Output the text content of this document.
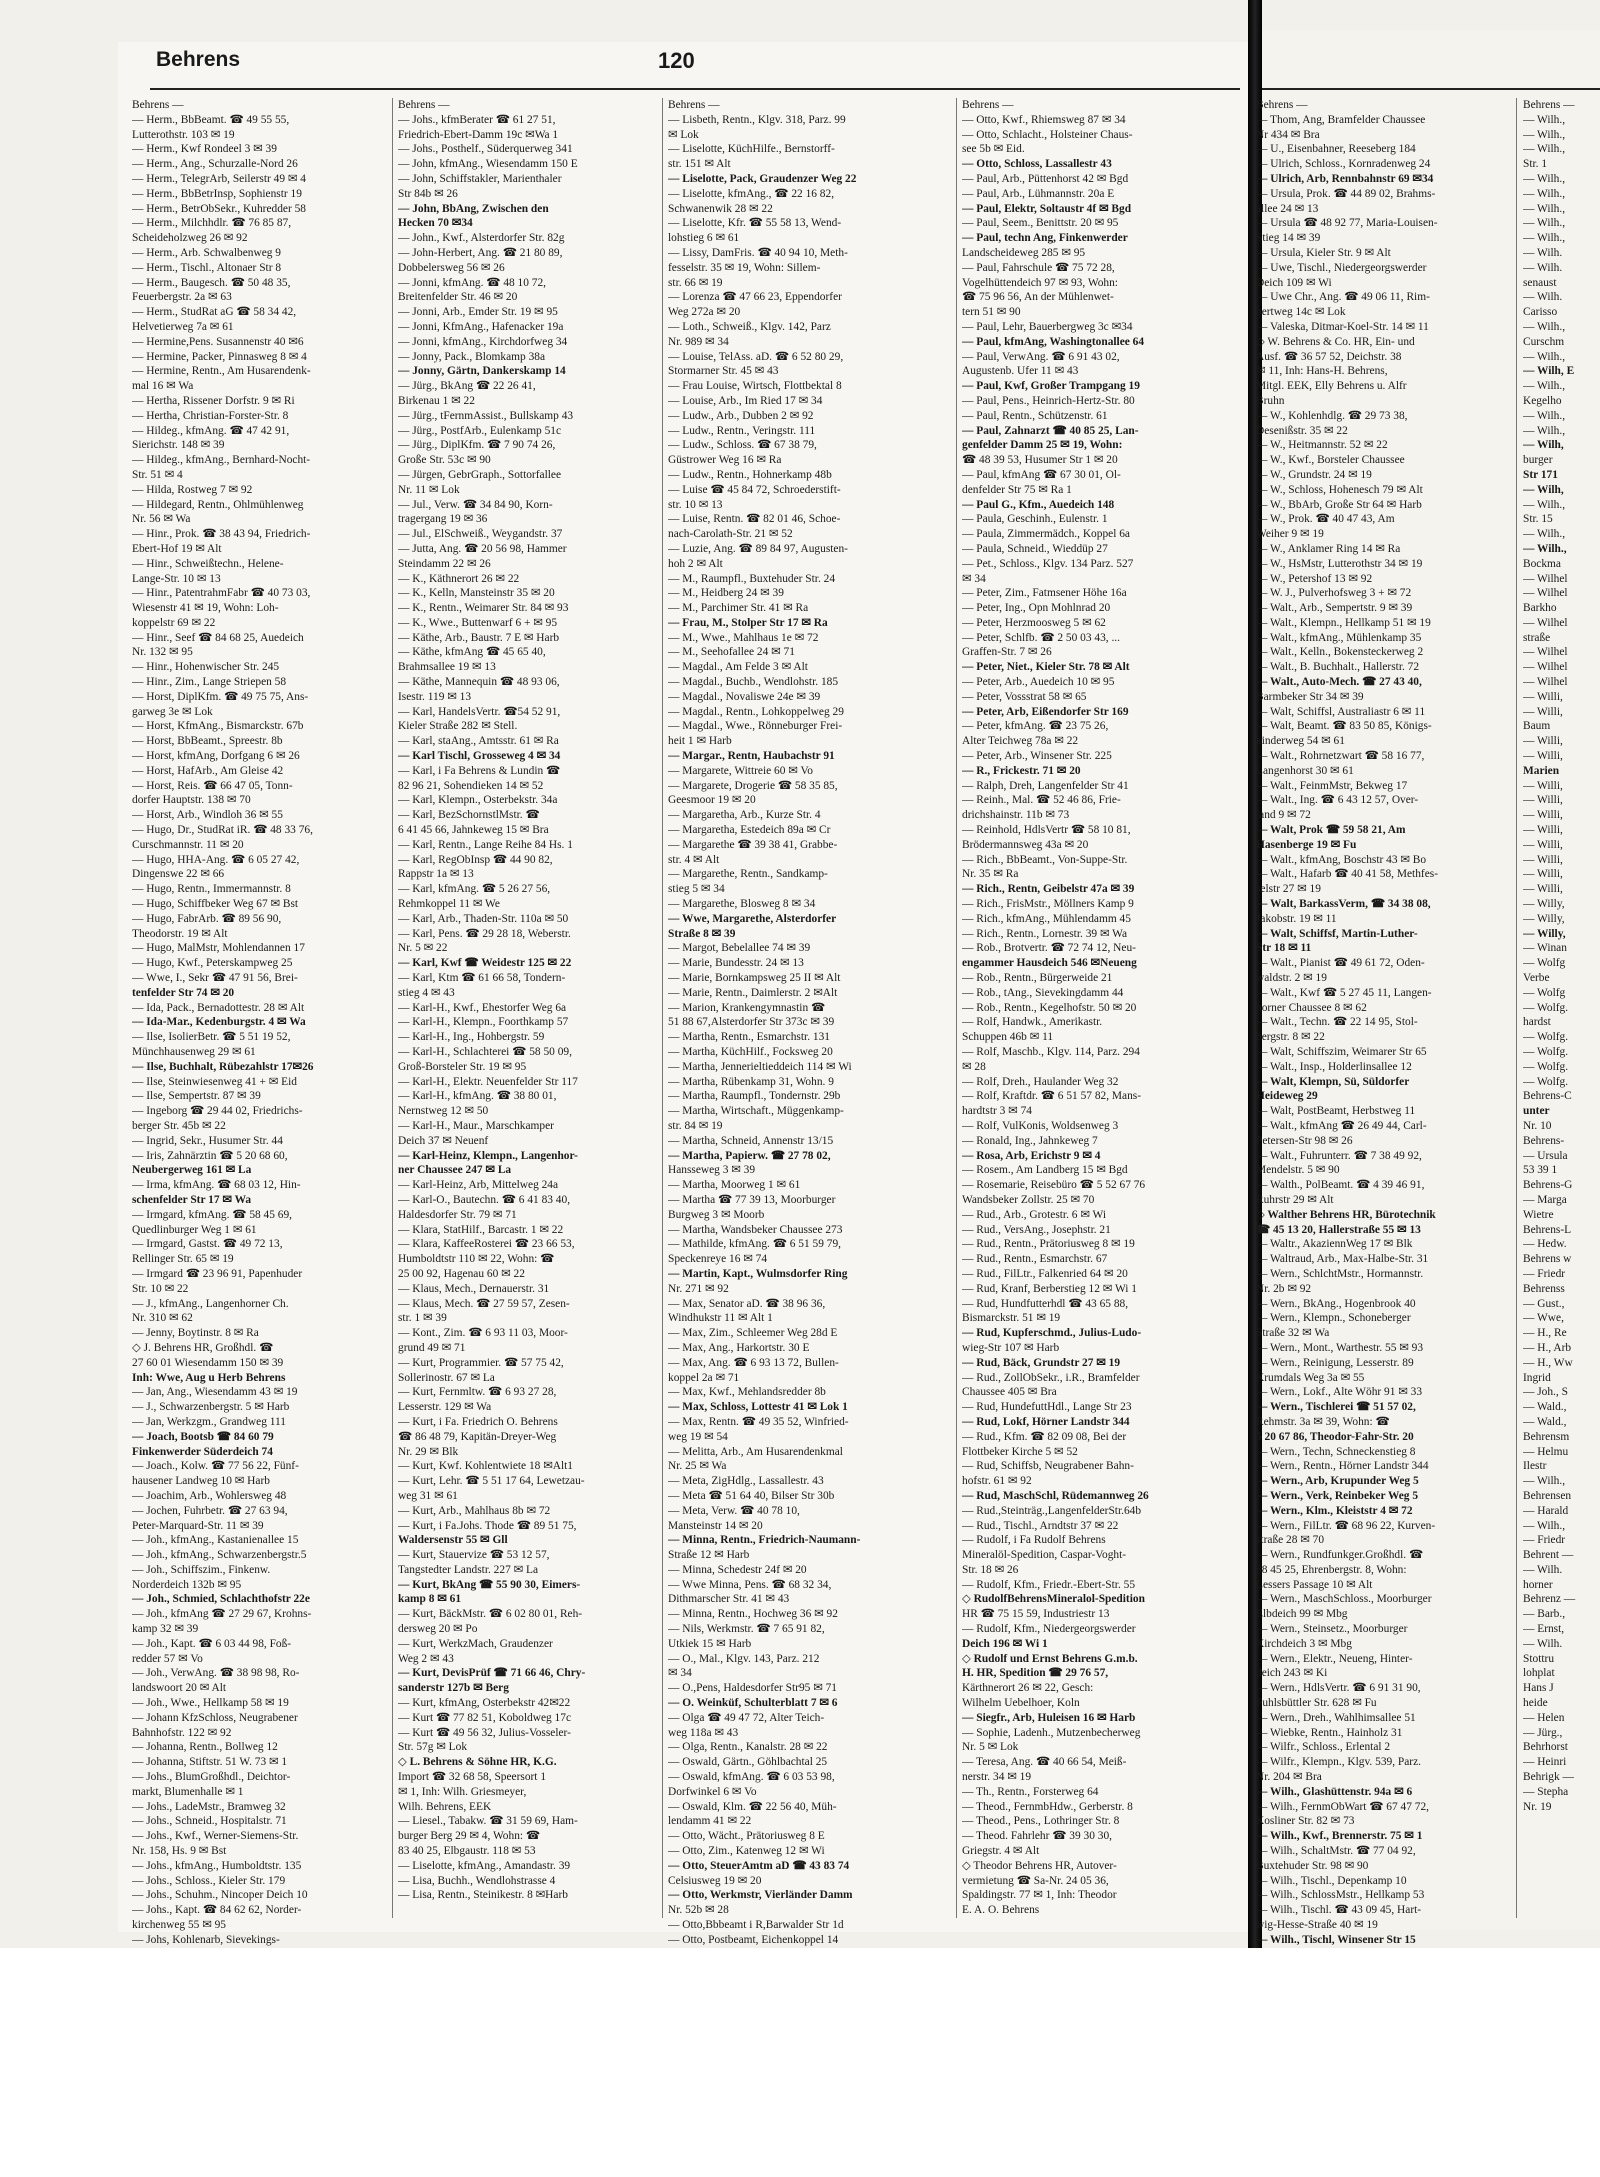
Behrens	120
Behrens —
— Herm., BbBeamt. ☎ 49 55 55,
Lutterothstr. 103 ✉ 19
— Herm., Kwf Rondeel 3 ✉ 39
— Herm., Ang., Schurzalle-Nord 26
— Herm., TelegrArb, Seilerstr 49 ✉ 4
— Herm., BbBetrInsp, Sophienstr 19
— Herm., BetrObSekr., Kuhredder 58
— Herm., Milchhdlr. ☎ 76 85 87,
Scheideholzweg 26 ✉ 92
— Herm., Arb. Schwalbenweg 9
— Herm., Tischl., Altonaer Str 8
— Herm., Baugesch. ☎ 50 48 35,
Feuerbergstr. 2a ✉ 63
— Herm., StudRat aG ☎ 58 34 42,
Helvetierweg 7a ✉ 61
— Hermine,Pens. Susannenstr 40 ✉6
— Hermine, Packer, Pinnasweg 8 ✉ 4
— Hermine, Rentn., Am Husarendenk-
mal 16 ✉ Wa
— Hertha, Rissener Dorfstr. 9 ✉ Ri
— Hertha, Christian-Forster-Str. 8
— Hildeg., kfmAng. ☎ 47 42 91,
Sierichstr. 148 ✉ 39
— Hildeg., kfmAng., Bernhard-Nocht-
Str. 51 ✉ 4
— Hilda, Rostweg 7 ✉ 92
— Hildegard, Rentn., Ohlmühlenweg
Nr. 56 ✉ Wa
— Hinr., Prok. ☎ 38 43 94, Friedrich-
Ebert-Hof 19 ✉ Alt
— Hinr., Schweißtechn., Helene-
Lange-Str. 10 ✉ 13
— Hinr., PatentrahmFabr ☎ 40 73 03,
Wiesenstr 41 ✉ 19, Wohn: Loh-
koppelstr 69 ✉ 22
— Hinr., Seef ☎ 84 68 25, Auedeich
Nr. 132 ✉ 95
— Hinr., Hohenwischer Str. 245
— Hinr., Zim., Lange Striepen 58
— Horst, DiplKfm. ☎ 49 75 75, Ans-
garweg 3e ✉ Lok
— Horst, KfmAng., Bismarckstr. 67b
— Horst, BbBeamt., Spreestr. 8b
— Horst, kfmAng, Dorfgang 6 ✉ 26
— Horst, HafArb., Am Gleise 42
— Horst, Reis. ☎ 66 47 05, Tonn-
dorfer Hauptstr. 138 ✉ 70
— Horst, Arb., Windloh 36 ✉ 55
— Hugo, Dr., StudRat iR. ☎ 48 33 76,
Curschmannstr. 11 ✉ 20
— Hugo, HHA-Ang. ☎ 6 05 27 42,
Dingenswe 22 ✉ 66
— Hugo, Rentn., Immermannstr. 8
— Hugo, Schiffbeker Weg 67 ✉ Bst
— Hugo, FabrArb. ☎ 89 56 90,
Theodorstr. 19 ✉ Alt
— Hugo, MalMstr, Mohlendannen 17
— Hugo, Kwf., Peterskampweg 25
— Wwe, I., Sekr ☎ 47 91 56, Brei-
tenfelder Str 74 ✉ 20
— Ida, Pack., Bernadottestr. 28 ✉ Alt
— Ida-Mar., Kedenburgstr. 4 ✉ Wa
— Ilse, IsolierBetr. ☎ 5 51 19 52,
Münchhausenweg 29 ✉ 61
— Ilse, Buchhalt, Rübezahlstr 17✉26
— Ilse, Steinwiesenweg 41 + ✉ Eid
— Ilse, Sempertstr. 87 ✉ 39
— Ingeborg ☎ 29 44 02, Friedrichs-
berger Str. 45b ✉ 22
— Ingrid, Sekr., Husumer Str. 44
— Iris, Zahnärztin ☎ 5 20 68 60,
Neubergerweg 161 ✉ La
— Irma, kfmAng. ☎ 68 03 12, Hin-
schenfelder Str 17 ✉ Wa
— Irmgard, kfmAng. ☎ 58 45 69,
Quedlinburger Weg 1 ✉ 61
— Irmgard, Gastst. ☎ 49 72 13,
Rellinger Str. 65 ✉ 19
— Irmgard ☎ 23 96 91, Papenhuder
Str. 10 ✉ 22
— J., kfmAng., Langenhorner Ch.
Nr. 310 ✉ 62
— Jenny, Boytinstr. 8 ✉ Ra
◇ J. Behrens HR, Großhdl. ☎
27 60 01 Wiesendamm 150 ✉ 39
Inh: Wwe, Aug u Herb Behrens
— Jan, Ang., Wiesendamm 43 ✉ 19
— J., Schwarzenbergstr. 5 ✉ Harb
— Jan, Werkzgm., Grandweg 111
— Joach, Bootsb ☎ 84 60 79
Finkenwerder Süderdeich 74
— Joach., Kolw. ☎ 77 56 22, Fünf-
hausener Landweg 10 ✉ Harb
— Joachim, Arb., Wohlersweg 48
— Jochen, Fuhrbetr. ☎ 27 63 94,
Peter-Marquard-Str. 11 ✉ 39
— Joh., kfmAng., Kastanienallee 15
— Joh., kfmAng., Schwarzenbergstr.5
— Joh., Schiffszim., Finkenw.
Norderdeich 132b ✉ 95
— Joh., Schmied, Schlachthofstr 22e
— Joh., kfmAng ☎ 27 29 67, Krohns-
kamp 32 ✉ 39
— Joh., Kapt. ☎ 6 03 44 98, Foß-
redder 57 ✉ Vo
— Joh., VerwAng. ☎ 38 98 98, Ro-
landswoort 20 ✉ Alt
— Joh., Wwe., Hellkamp 58 ✉ 19
— Johann KfzSchloss, Neugrabener
Bahnhofstr. 122 ✉ 92
— Johanna, Rentn., Bollweg 12
— Johanna, Stiftstr. 51 W. 73 ✉ 1
— Johs., BlumGroßhdl., Deichtor-
markt, Blumenhalle ✉ 1
— Johs., LadeMstr., Bramweg 32
— Johs., Schneid., Hospitalstr. 71
— Johs., Kwf., Werner-Siemens-Str.
Nr. 158, Hs. 9 ✉ Bst
— Johs., kfmAng., Humboldtstr. 135
— Johs., Schloss., Kieler Str. 179
— Johs., Schuhm., Nincoper Deich 10
— Johs., Kapt. ☎ 84 62 62, Norder-
kirchenweg 55 ✉ 95
— Johs, Kohlenarb, Sievekings-
Behrens —
— Johs., kfmBerater ☎ 61 27 51,
Friedrich-Ebert-Damm 19c ✉Wa 1
— Johs., Posthelf., Süderquerweg 341
— John, kfmAng., Wiesendamm 150 E
— John, Schiffstakler, Marienthaler
Str 84b ✉ 26
— John, BbAng, Zwischen den
Hecken 70 ✉34
— John., Kwf., Alsterdorfer Str. 82g
— John-Herbert, Ang. ☎ 21 80 89,
Dobbelersweg 56 ✉ 26
— Jonni, kfmAng. ☎ 48 10 72,
Breitenfelder Str. 46 ✉ 20
— Jonni, Arb., Emder Str. 19 ✉ 95
— Jonni, KfmAng., Hafenacker 19a
— Jonni, kfmAng., Kirchdorfweg 34
— Jonny, Pack., Blomkamp 38a
— Jonny, Gärtn, Dankerskamp 14
— Jürg., BkAng ☎ 22 26 41,
Birkenau 1 ✉ 22
— Jürg., tFernmAssist., Bullskamp 43
— Jürg., PostfArb., Eulenkamp 51c
— Jürg., DiplKfm. ☎ 7 90 74 26,
Große Str. 53c ✉ 90
— Jürgen, GebrGraph., Sottorfallee
Nr. 11 ✉ Lok
— Jul., Verw. ☎ 34 84 90, Korn-
tragergang 19 ✉ 36
— Jul., ElSchweiß., Weygandstr. 37
— Jutta, Ang. ☎ 20 56 98, Hammer
Steindamm 22 ✉ 26
— K., Käthnerort 26 ✉ 22
— K., Kelln, Mansteinstr 35 ✉ 20
— K., Rentn., Weimarer Str. 84 ✉ 93
— K., Wwe., Buttenwarf 6 + ✉ 95
— Käthe, Arb., Baustr. 7 E ✉ Harb
— Käthe, kfmAng ☎ 45 65 40,
Brahmsallee 19 ✉ 13
— Käthe, Mannequin ☎ 48 93 06,
Isestr. 119 ✉ 13
— Karl, HandelsVertr. ☎54 52 91,
Kieler Straße 282 ✉ Stell.
— Karl, staAng., Amtsstr. 61 ✉ Ra
— Karl Tischl, Grosseweg 4 ✉ 34
— Karl, i Fa Behrens & Lundin ☎
82 96 21, Sohendieken 14 ✉ 52
— Karl, Klempn., Osterbekstr. 34a
— Karl, BezSchornstlMstr. ☎
6 41 45 66, Jahnkeweg 15 ✉ Bra
— Karl, Rentn., Lange Reihe 84 Hs. 1
— Karl, RegObInsp ☎ 44 90 82,
Rappstr 1a ✉ 13
— Karl, kfmAng. ☎ 5 26 27 56,
Rehmkoppel 11 ✉ We
— Karl, Arb., Thaden-Str. 110a ✉ 50
— Karl, Pens. ☎ 29 28 18, Weberstr.
Nr. 5 ✉ 22
— Karl, Kwf ☎ Weidestr 125 ✉ 22
— Karl, Ktm ☎ 61 66 58, Tondern-
stieg 4 ✉ 43
— Karl-H., Kwf., Ehestorfer Weg 6a
— Karl-H., Klempn., Foorthkamp 57
— Karl-H., Ing., Hohbergstr. 59
— Karl-H., Schlachterei ☎ 58 50 09,
Groß-Borsteler Str. 19 ✉ 95
— Karl-H., Elektr. Neuenfelder Str 117
— Karl-H., kfmAng. ☎ 38 80 01,
Nernstweg 12 ✉ 50
— Karl-H., Maur., Marschkamper
Deich 37 ✉ Neuenf
— Karl-Heinz, Klempn., Langenhor-
ner Chaussee 247 ✉ La
— Karl-Heinz, Arb, Mittelweg 24a
— Karl-O., Bautechn. ☎ 6 41 83 40,
Haldesdorfer Str. 79 ✉ 71
— Klara, StatHilf., Barcastr. 1 ✉ 22
— Klara, KaffeeRosterei ☎ 23 66 53,
Humboldtstr 110 ✉ 22, Wohn: ☎
25 00 92, Hagenau 60 ✉ 22
— Klaus, Mech., Dernauerstr. 31
— Klaus, Mech. ☎ 27 59 57, Zesen-
str. 1 ✉ 39
— Kont., Zim. ☎ 6 93 11 03, Moor-
grund 49 ✉ 71
— Kurt, Programmier. ☎ 57 75 42,
Sollerinostr. 67 ✉ La
— Kurt, Fernmltw. ☎ 6 93 27 28,
Lesserstr. 129 ✉ Wa
— Kurt, i Fa. Friedrich O. Behrens
☎ 86 48 79, Kapitän-Dreyer-Weg
Nr. 29 ✉ Blk
— Kurt, Kwf. Kohlentwiete 18 ✉Alt1
— Kurt, Lehr. ☎ 5 51 17 64, Lewetzau-
weg 31 ✉ 61
— Kurt, Arb., Mahlhaus 8b ✉ 72
— Kurt, i Fa.Johs. Thode ☎ 89 51 75,
Waldersenstr 55 ✉ Gll
— Kurt, Stauervize ☎ 53 12 57,
Tangstedter Landstr. 227 ✉ La
— Kurt, BkAng ☎ 55 90 30, Eimers-
kamp 8 ✉ 61
— Kurt, BäckMstr. ☎ 6 02 80 01, Reh-
dersweg 20 ✉ Po
— Kurt, WerkzMach, Graudenzer
Weg 2 ✉ 43
— Kurt, DevisPrüf ☎ 71 66 46, Chry-
sanderstr 127b ✉ Berg
— Kurt, kfmAng, Osterbekstr 42✉22
— Kurt ☎ 77 82 51, Koboldweg 17c
— Kurt ☎ 49 56 32, Julius-Vosseler-
Str. 57g ✉ Lok
◇ L. Behrens & Söhne HR, K.G.
Import ☎ 32 68 58, Speersort 1
✉ 1, Inh: Wilh. Griesmeyer,
Wilh. Behrens, EEK
— Liesel., Tabakw. ☎ 31 59 69, Ham-
burger Berg 29 ✉ 4, Wohn: ☎
83 40 25, Elbgaustr. 118 ✉ 53
— Liselotte, kfmAng., Amandastr. 39
— Lisa, Buchh., Wendlohstrasse 4
— Lisa, Rentn., Steinikestr. 8 ✉Harb
Behrens —
— Lisbeth, Rentn., Klgv. 318, Parz. 99
✉ Lok
— Liselotte, KüchHilfe., Bernstorff-
str. 151 ✉ Alt
— Liselotte, Pack, Graudenzer Weg 22
— Liselotte, kfmAng., ☎ 22 16 82,
Schwanenwik 28 ✉ 22
— Liselotte, Kfr. ☎ 55 58 13, Wend-
lohstieg 6 ✉ 61
— Lissy, DamFris. ☎ 40 94 10, Meth-
fesselstr. 35 ✉ 19, Wohn: Sillem-
str. 66 ✉ 19
— Lorenza ☎ 47 66 23, Eppendorfer
Weg 272a ✉ 20
— Loth., Schweiß., Klgv. 142, Parz
Nr. 989 ✉ 34
— Louise, TelAss. aD. ☎ 6 52 80 29,
Stormarner Str. 45 ✉ 43
— Frau Louise, Wirtsch, Flottbektal 8
— Louise, Arb., Im Ried 17 ✉ 34
— Ludw., Arb., Dubben 2 ✉ 92
— Ludw., Rentn., Veringstr. 111
— Ludw., Schloss. ☎ 67 38 79,
Güstrower Weg 16 ✉ Ra
— Ludw., Rentn., Hohnerkamp 48b
— Luise ☎ 45 84 72, Schroederstift-
str. 10 ✉ 13
— Luise, Rentn. ☎ 82 01 46, Schoe-
nach-Carolath-Str. 21 ✉ 52
— Luzie, Ang. ☎ 89 84 97, Augusten-
hoh 2 ✉ Alt
— M., Raumpfl., Buxtehuder Str. 24
— M., Heidberg 24 ✉ 39
— M., Parchimer Str. 41 ✉ Ra
— Frau, M., Stolper Str 17 ✉ Ra
— M., Wwe., Mahlhaus 1e ✉ 72
— M., Seehofallee 24 ✉ 71
— Magdal., Am Felde 3 ✉ Alt
— Magdal., Buchb., Wendlohstr. 185
— Magdal., Novaliswe 24e ✉ 39
— Magdal., Rentn., Lohkoppelweg 29
— Magdal., Wwe., Rönneburger Frei-
heit 1 ✉ Harb
— Margar., Rentn, Haubachstr 91
— Margarete, Wittreie 60 ✉ Vo
— Margarete, Drogerie ☎ 58 35 85,
Geesmoor 19 ✉ 20
— Margaretha, Arb., Kurze Str. 4
— Margaretha, Estedeich 89a ✉ Cr
— Margarethe ☎ 39 38 41, Grabbe-
str. 4 ✉ Alt
— Margarethe, Rentn., Sandkamp-
stieg 5 ✉ 34
— Margarethe, Blosweg 8 ✉ 34
— Wwe, Margarethe, Alsterdorfer
Straße 8 ✉ 39
— Margot, Bebelallee 74 ✉ 39
— Marie, Bundesstr. 24 ✉ 13
— Marie, Bornkampsweg 25 II ✉ Alt
— Marie, Rentn., Daimlerstr. 2 ✉Alt
— Marion, Krankengymnastin ☎
51 88 67,Alsterdorfer Str 373c ✉ 39
— Martha, Rentn., Esmarchstr. 131
— Martha, KüchHilf., Focksweg 20
— Martha, Jennerieltieddeich 114 ✉ Wi
— Martha, Rübenkamp 31, Wohn. 9
— Martha, Raumpfl., Tondernstr. 29b
— Martha, Wirtschaft., Müggenkamp-
str. 84 ✉ 19
— Martha, Schneid, Annenstr 13/15
— Martha, Papierw. ☎ 27 78 02,
Hansseweg 3 ✉ 39
— Martha, Moorweg 1 ✉ 61
— Martha ☎ 77 39 13, Moorburger
Burgweg 3 ✉ Moorb
— Martha, Wandsbeker Chaussee 273
— Mathilde, kfmAng. ☎ 6 51 59 79,
Speckenreye 16 ✉ 74
— Martin, Kapt., Wulmsdorfer Ring
Nr. 271 ✉ 92
— Max, Senator aD. ☎ 38 96 36,
Windhukstr 11 ✉ Alt 1
— Max, Zim., Schleemer Weg 28d E
— Max, Ang., Harkortstr. 30 E
— Max, Ang. ☎ 6 93 13 72, Bullen-
koppel 2a ✉ 71
— Max, Kwf., Mehlandsredder 8b
— Max, Schloss, Lottestr 41 ✉ Lok 1
— Max, Rentn. ☎ 49 35 52, Winfried-
weg 19 ✉ 54
— Melitta, Arb., Am Husarendenkmal
Nr. 25 ✉ Wa
— Meta, ZigHdlg., Lassallestr. 43
— Meta ☎ 51 64 40, Bilser Str 30b
— Meta, Verw. ☎ 40 78 10,
Mansteinstr 14 ✉ 20
— Minna, Rentn., Friedrich-Naumann-
Straße 12 ✉ Harb
— Minna, Schedestr 24f ✉ 20
— Wwe Minna, Pens. ☎ 68 32 34,
Dithmarscher Str. 41 ✉ 43
— Minna, Rentn., Hochweg 36 ✉ 92
— Nils, Werkmstr. ☎ 7 65 91 82,
Utkiek 15 ✉ Harb
— O., Mal., Klgv. 143, Parz. 212
✉ 34
— O.,Pens, Haldesdorfer Str95 ✉ 71
— O. Weinküf, Schulterblatt 7 ✉ 6
— Olga ☎ 49 47 72, Alter Teich-
weg 118a ✉ 43
— Olga, Rentn., Kanalstr. 28 ✉ 22
— Oswald, Gärtn., Göhlbachtal 25
— Oswald, kfmAng. ☎ 6 03 53 98,
Dorfwinkel 6 ✉ Vo
— Oswald, Klm. ☎ 22 56 40, Müh-
lendamm 41 ✉ 22
— Otto, Wächt., Prätoriusweg 8 E
— Otto, Zim., Katenweg 12 ✉ Wi
— Otto, SteuerAmtm aD ☎ 43 83 74
Celsiusweg 19 ✉ 20
— Otto, Werkmstr, Vierländer Damm
Nr. 52b ✉ 28
— Otto,Bbbeamt i R,Barwalder Str 1d
— Otto, Postbeamt, Eichenkoppel 14
Behrens —
— Otto, Kwf., Rhiemsweg 87 ✉ 34
— Otto, Schlacht., Holsteiner Chaus-
see 5b ✉ Eid.
— Otto, Schloss, Lassallestr 43
— Paul, Arb., Püttenhorst 42 ✉ Bgd
— Paul, Arb., Lühmannstr. 20a E
— Paul, Elektr, Soltaustr 4f ✉ Bgd
— Paul, Seem., Benittstr. 20 ✉ 95
— Paul, techn Ang, Finkenwerder
Landscheideweg 285 ✉ 95
— Paul, Fahrschule ☎ 75 72 28,
Vogelhüttendeich 97 ✉ 93, Wohn:
☎ 75 96 56, An der Mühlenwet-
tern 51 ✉ 90
— Paul, Lehr, Bauerbergweg 3c ✉34
— Paul, kfmAng, Washingtonallee 64
— Paul, VerwAng. ☎ 6 91 43 02,
Augustenb. Ufer 11 ✉ 43
— Paul, Kwf, Großer Trampgang 19
— Paul, Pens., Heinrich-Hertz-Str. 80
— Paul, Rentn., Schützenstr. 61
— Paul, Zahnarzt ☎ 40 85 25, Lan-
genfelder Damm 25 ✉ 19, Wohn:
☎ 48 39 53, Husumer Str 1 ✉ 20
— Paul, kfmAng ☎ 67 30 01, Ol-
denfelder Str 75 ✉ Ra 1
— Paul G., Kfm., Auedeich 148
— Paula, Geschinh., Eulenstr. 1
— Paula, Zimmermädch., Koppel 6a
— Paula, Schneid., Wieddüp 27
— Pet., Schloss., Klgv. 134 Parz. 527
✉ 34
— Peter, Zim., Fatmsener Höhe 16a
— Peter, Ing., Opn Mohlnrad 20
— Peter, Herzmoosweg 5 ✉ 62
— Peter, Schlfb. ☎ 2 50 03 43, ...
Graffen-Str. 7 ✉ 26
— Peter, Niet., Kieler Str. 78 ✉ Alt
— Peter, Arb., Auedeich 10 ✉ 95
— Peter, Vossstrat 58 ✉ 65
— Peter, Arb, Eißendorfer Str 169
— Peter, kfmAng. ☎ 23 75 26,
Alter Teichweg 78a ✉ 22
— Peter, Arb., Winsener Str. 225
— R., Frickestr. 71 ✉ 20
— Ralph, Dreh, Langenfelder Str 41
— Reinh., Mal. ☎ 52 46 86, Frie-
drichshainstr. 11b ✉ 73
— Reinhold, HdlsVertr ☎ 58 10 81,
Brödermannsweg 43a ✉ 20
— Rich., BbBeamt., Von-Suppe-Str.
Nr. 35 ✉ Ra
— Rich., Rentn, Geibelstr 47a ✉ 39
— Rich., FrisMstr., Möllners Kamp 9
— Rich., kfmAng., Mühlendamm 45
— Rich., Rentn., Lornestr. 39 ✉ Wa
— Rob., Brotvertr. ☎ 72 74 12, Neu-
engammer Hausdeich 546 ✉Neueng
— Rob., Rentn., Bürgerweide 21
— Rob., tAng., Sievekingdamm 44
— Rob., Rentn., Kegelhofstr. 50 ✉ 20
— Rolf, Handwk., Amerikastr.
Schuppen 46b ✉ 11
— Rolf, Maschb., Klgv. 114, Parz. 294
✉ 28
— Rolf, Dreh., Haulander Weg 32
— Rolf, Kraftdr. ☎ 6 51 57 82, Mans-
hardtstr 3 ✉ 74
— Rolf, VulKonis, Woldsenweg 3
— Ronald, Ing., Jahnkeweg 7
— Rosa, Arb, Erichstr 9 ✉ 4
— Rosem., Am Landberg 15 ✉ Bgd
— Rosemarie, Reisebüro ☎ 5 52 67 76
Wandsbeker Zollstr. 25 ✉ 70
— Rud., Arb., Grotestr. 6 ✉ Wi
— Rud., VersAng., Josephstr. 21
— Rud., Rentn., Prätoriusweg 8 ✉ 19
— Rud., Rentn., Esmarchstr. 67
— Rud., FilLtr., Falkenried 64 ✉ 20
— Rud, Kranf, Berberstieg 12 ✉ Wi 1
— Rud, Hundfutterhdl ☎ 43 65 88,
Bismarckstr. 51 ✉ 19
— Rud, Kupferschmd., Julius-Ludo-
wieg-Str 107 ✉ Harb
— Rud, Bäck, Grundstr 27 ✉ 19
— Rud., ZollObSekr., i.R., Bramfelder
Chaussee 405 ✉ Bra
— Rud, HundefuttHdl., Lange Str 23
— Rud, Lokf, Hörner Landstr 344
— Rud., Kfm. ☎ 82 09 08, Bei der
Flottbeker Kirche 5 ✉ 52
— Rud, Schiffsb, Neugrabener Bahn-
hofstr. 61 ✉ 92
— Rud, MaschSchl, Rüdemannweg 26
— Rud.,Steinträg.,LangenfelderStr.64b
— Rud., Tischl., Arndtstr 37 ✉ 22
— Rudolf, i Fa Rudolf Behrens
Mineralöl-Spedition, Caspar-Voght-
Str. 18 ✉ 26
— Rudolf, Kfm., Friedr.-Ebert-Str. 55
◇ RudolfBehrensMineralol-Spedition
HR ☎ 75 15 59, Industriestr 13
— Rudolf, Kfm., Niedergeorgswerder
Deich 196 ✉ Wi 1
◇ Rudolf und Ernst Behrens G.m.b.
H. HR, Spedition ☎ 29 76 57,
Kärthnerort 26 ✉ 22, Gesch:
Wilhelm Uebelhoer, Koln
— Siegfr., Arb, Huleisen 16 ✉ Harb
— Sophie, Ladenh., Mutzenbecherweg
Nr. 5 ✉ Lok
— Teresa, Ang. ☎ 40 66 54, Meiß-
nerstr. 34 ✉ 19
— Th., Rentn., Forsterweg 64
— Theod., FernmbHdw., Gerberstr. 8
— Theod., Pens., Lothringer Str. 8
— Theod. Fahrlehr ☎ 39 30 30,
Griegstr. 4 ✉ Alt
◇ Theodor Behrens HR, Autover-
vermietung ☎ Sa-Nr. 24 05 36,
Spaldingstr. 77 ✉ 1, Inh: Theodor
E. A. O. Behrens
Behrens —
— Thom, Ang, Bramfelder Chaussee
Nr 434 ✉ Bra
— U., Eisenbahner, Reeseberg 184
— Ulrich, Schloss., Kornradenweg 24
— Ulrich, Arb, Rennbahnstr 69 ✉34
— Ursula, Prok. ☎ 44 89 02, Brahms-
allee 24 ✉ 13
— Ursula ☎ 48 92 77, Maria-Louisen-
Stieg 14 ✉ 39
— Ursula, Kieler Str. 9 ✉ Alt
— Uwe, Tischl., Niedergeorgswerder
Deich 109 ✉ Wi
— Uwe Chr., Ang. ☎ 49 06 11, Rim-
bertweg 14c ✉ Lok
— Valeska, Ditmar-Koel-Str. 14 ✉ 11
◇ W. Behrens & Co. HR, Ein- und
Ausf. ☎ 36 57 52, Deichstr. 38
✉ 11, Inh: Hans-H. Behrens,
Mitgl. EEK, Elly Behrens u. Alfr
Bruhn
— W., Kohlenhdlg. ☎ 29 73 38,
Desenißstr. 35 ✉ 22
— W., Heitmannstr. 52 ✉ 22
— W., Kwf., Borsteler Chaussee
— W., Grundstr. 24 ✉ 19
— W., Schloss, Hohenesch 79 ✉ Alt
— W., BbArb, Große Str 64 ✉ Harb
— W., Prok. ☎ 40 47 43, Am
Weiher 9 ✉ 19
— W., Anklamer Ring 14 ✉ Ra
— W., HsMstr, Lutterothstr 34 ✉ 19
— W., Petershof 13 ✉ 92
— W. J., Pulverhofsweg 3 + ✉ 72
— Walt., Arb., Sempertstr. 9 ✉ 39
— Walt., Klempn., Hellkamp 51 ✉ 19
— Walt., kfmAng., Mühlenkamp 35
— Walt., Kelln., Bokensteckerweg 2
— Walt., B. Buchhalt., Hallerstr. 72
— Walt., Auto-Mech. ☎ 27 43 40,
Barmbeker Str 34 ✉ 39
— Walt, Schiffsl, Australiastr 6 ✉ 11
— Walt, Beamt. ☎ 83 50 85, Königs-
kinderweg 54 ✉ 61
— Walt., Rohrnetzwart ☎ 58 16 77,
Langenhorst 30 ✉ 61
— Walt., FeinmMstr, Bekweg 17
— Walt., Ing. ☎ 6 43 12 57, Over-
land 9 ✉ 72
— Walt, Prok ☎ 59 58 21, Am
Hasenberge 19 ✉ Fu
— Walt., kfmAng, Boschstr 43 ✉ Bo
— Walt., Hafarb ☎ 40 41 58, Methfes-
selstr 27 ✉ 19
— Walt, BarkassVerm, ☎ 34 38 08,
Jakobstr. 19 ✉ 11
— Walt, Schiffsf, Martin-Luther-
Str 18 ✉ 11
— Walt., Pianist ☎ 49 61 72, Oden-
waldstr. 2 ✉ 19
— Walt., Kwf ☎ 5 27 45 11, Langen-
horner Chaussee 8 ✉ 62
— Walt., Techn. ☎ 22 14 95, Stol-
bergstr. 8 ✉ 22
— Walt, Schiffszim, Weimarer Str 65
— Walt., Insp., Holderlinsallee 12
— Walt, Klempn, Sü, Süldorfer
Heideweg 29
— Walt, PostBeamt, Herbstweg 11
— Walt., kfmAng ☎ 26 49 44, Carl-
Petersen-Str 98 ✉ 26
— Walt., Fuhrunterr. ☎ 7 38 49 92,
Mendelstr. 5 ✉ 90
— Walth., PolBeamt. ☎ 4 39 46 91,
Ruhrstr 29 ✉ Alt
◇ Walther Behrens HR, Bürotechnik
☎ 45 13 20, Hallerstraße 55 ✉ 13
— Waltr., AkaziennWeg 17 ✉ Blk
— Waltraud, Arb., Max-Halbe-Str. 31
— Wern., SchlchtMstr., Hormannstr.
Nr. 2b ✉ 92
— Wern., BkAng., Hogenbrook 40
— Wern., Klempn., Schoneberger
Straße 32 ✉ Wa
— Wern., Mont., Warthestr. 55 ✉ 93
— Wern., Reinigung, Lesserstr. 89
Krumdals Weg 3a ✉ 55
— Wern., Lokf., Alte Wöhr 91 ✉ 33
— Wern., Tischlerei ☎ 51 57 02,
Rehmstr. 3a ✉ 39, Wohn: ☎
5 20 67 86, Theodor-Fahr-Str. 20
— Wern., Techn, Schneckenstieg 8
— Wern., Rentn., Hörner Landstr 344
— Wern., Arb, Krupunder Weg 5
— Wern., Verk, Reinbeker Weg 5
— Wern., Klm., Kleiststr 4 ✉ 72
— Wern., FilLtr. ☎ 68 96 22, Kurven-
straße 28 ✉ 70
— Wern., Rundfunkger.Großhdl. ☎
38 45 25, Ehrenbergstr. 8, Wohn:
Lessers Passage 10 ✉ Alt
— Wern., MaschSchloss., Moorburger
Elbdeich 99 ✉ Mbg
— Wern., Steinsetz., Moorburger
Kirchdeich 3 ✉ Mbg
— Wern., Elektr., Neueng, Hinter-
deich 243 ✉ Ki
— Wern., HdlsVertr. ☎ 6 91 31 90,
Fuhlsbüttler Str. 628 ✉ Fu
— Wern., Dreh., Wahlhimsallee 51
— Wiebke, Rentn., Hainholz 31
— Wilfr., Schloss., Erlental 2
— Wilfr., Klempn., Klgv. 539, Parz.
Nr. 204 ✉ Bra
— Wilh., Glashüttenstr. 94a ✉ 6
— Wilh., FernmObWart ☎ 67 47 72,
Kosliner Str. 82 ✉ 73
— Wilh., Kwf., Brennerstr. 75 ✉ 1
— Wilh., SchaltMstr. ☎ 77 04 92,
Buxtehuder Str. 98 ✉ 90
— Wilh., Tischl., Depenkamp 10
— Wilh., SchlossMstr., Hellkamp 53
— Wilh., Tischl. ☎ 43 09 45, Hart-
wig-Hesse-Straße 40 ✉ 19
— Wilh., Tischl, Winsener Str 15
Behrens —
— Wilh.,
— Wilh.,
— Wilh.,
Str. 1
— Wilh.,
— Wilh.,
— Wilh.,
— Wilh.,
— Wilh.,
— Wilh.
— Wilh.
senaust
— Wilh.
Carisso
— Wilh.,
Curschm
— Wilh.,
— Wilh, E
— Wilh.,
Kegelho
— Wilh.,
— Wilh.,
— Wilh,
burger
Str 171
— Wilh,
— Wilh.,
Str. 15
— Wilh.,
— Wilh.,
Bockma
— Wilhel
— Wilhel
Barkho
— Wilhel
straße
— Wilhel
— Wilhel
— Wilhel
— Willi,
— Willi,
Baum
— Willi,
— Willi,
Marien
— Willi,
— Willi,
— Willi,
— Willi,
— Willi,
— Willi,
— Willi,
— Willi,
— Willy,
— Willy,
— Willy,
— Winan
— Wolfg
Verbe
— Wolfg
— Wolfg.
hardst
— Wolfg.
— Wolfg.
— Wolfg.
— Wolfg.
Behrens-C
unter
Nr. 10
Behrens-
— Ursula
53 39 1
Behrens-G
— Marga
Wietre
Behrens-L
— Hedw.
Behrens w
— Friedr
Behrenss
— Gust.,
— Wwe,
— H., Re
— H., Arb
— H., Ww
Ingrid
— Joh., S
— Wald.,
— Wald.,
Behrensm
— Helmu
Ilestr
— Wilh.,
Behrensen
— Harald
— Wilh.,
— Friedr
Behrent —
— Wilh.
horner
Behrenz —
— Barb.,
— Ernst,
— Wilh.
Stottru
lohplat
Hans J
heide
— Helen
— Jürg.,
Behrhorst
— Heinri
Behrigk —
— Stepha
Nr. 19
